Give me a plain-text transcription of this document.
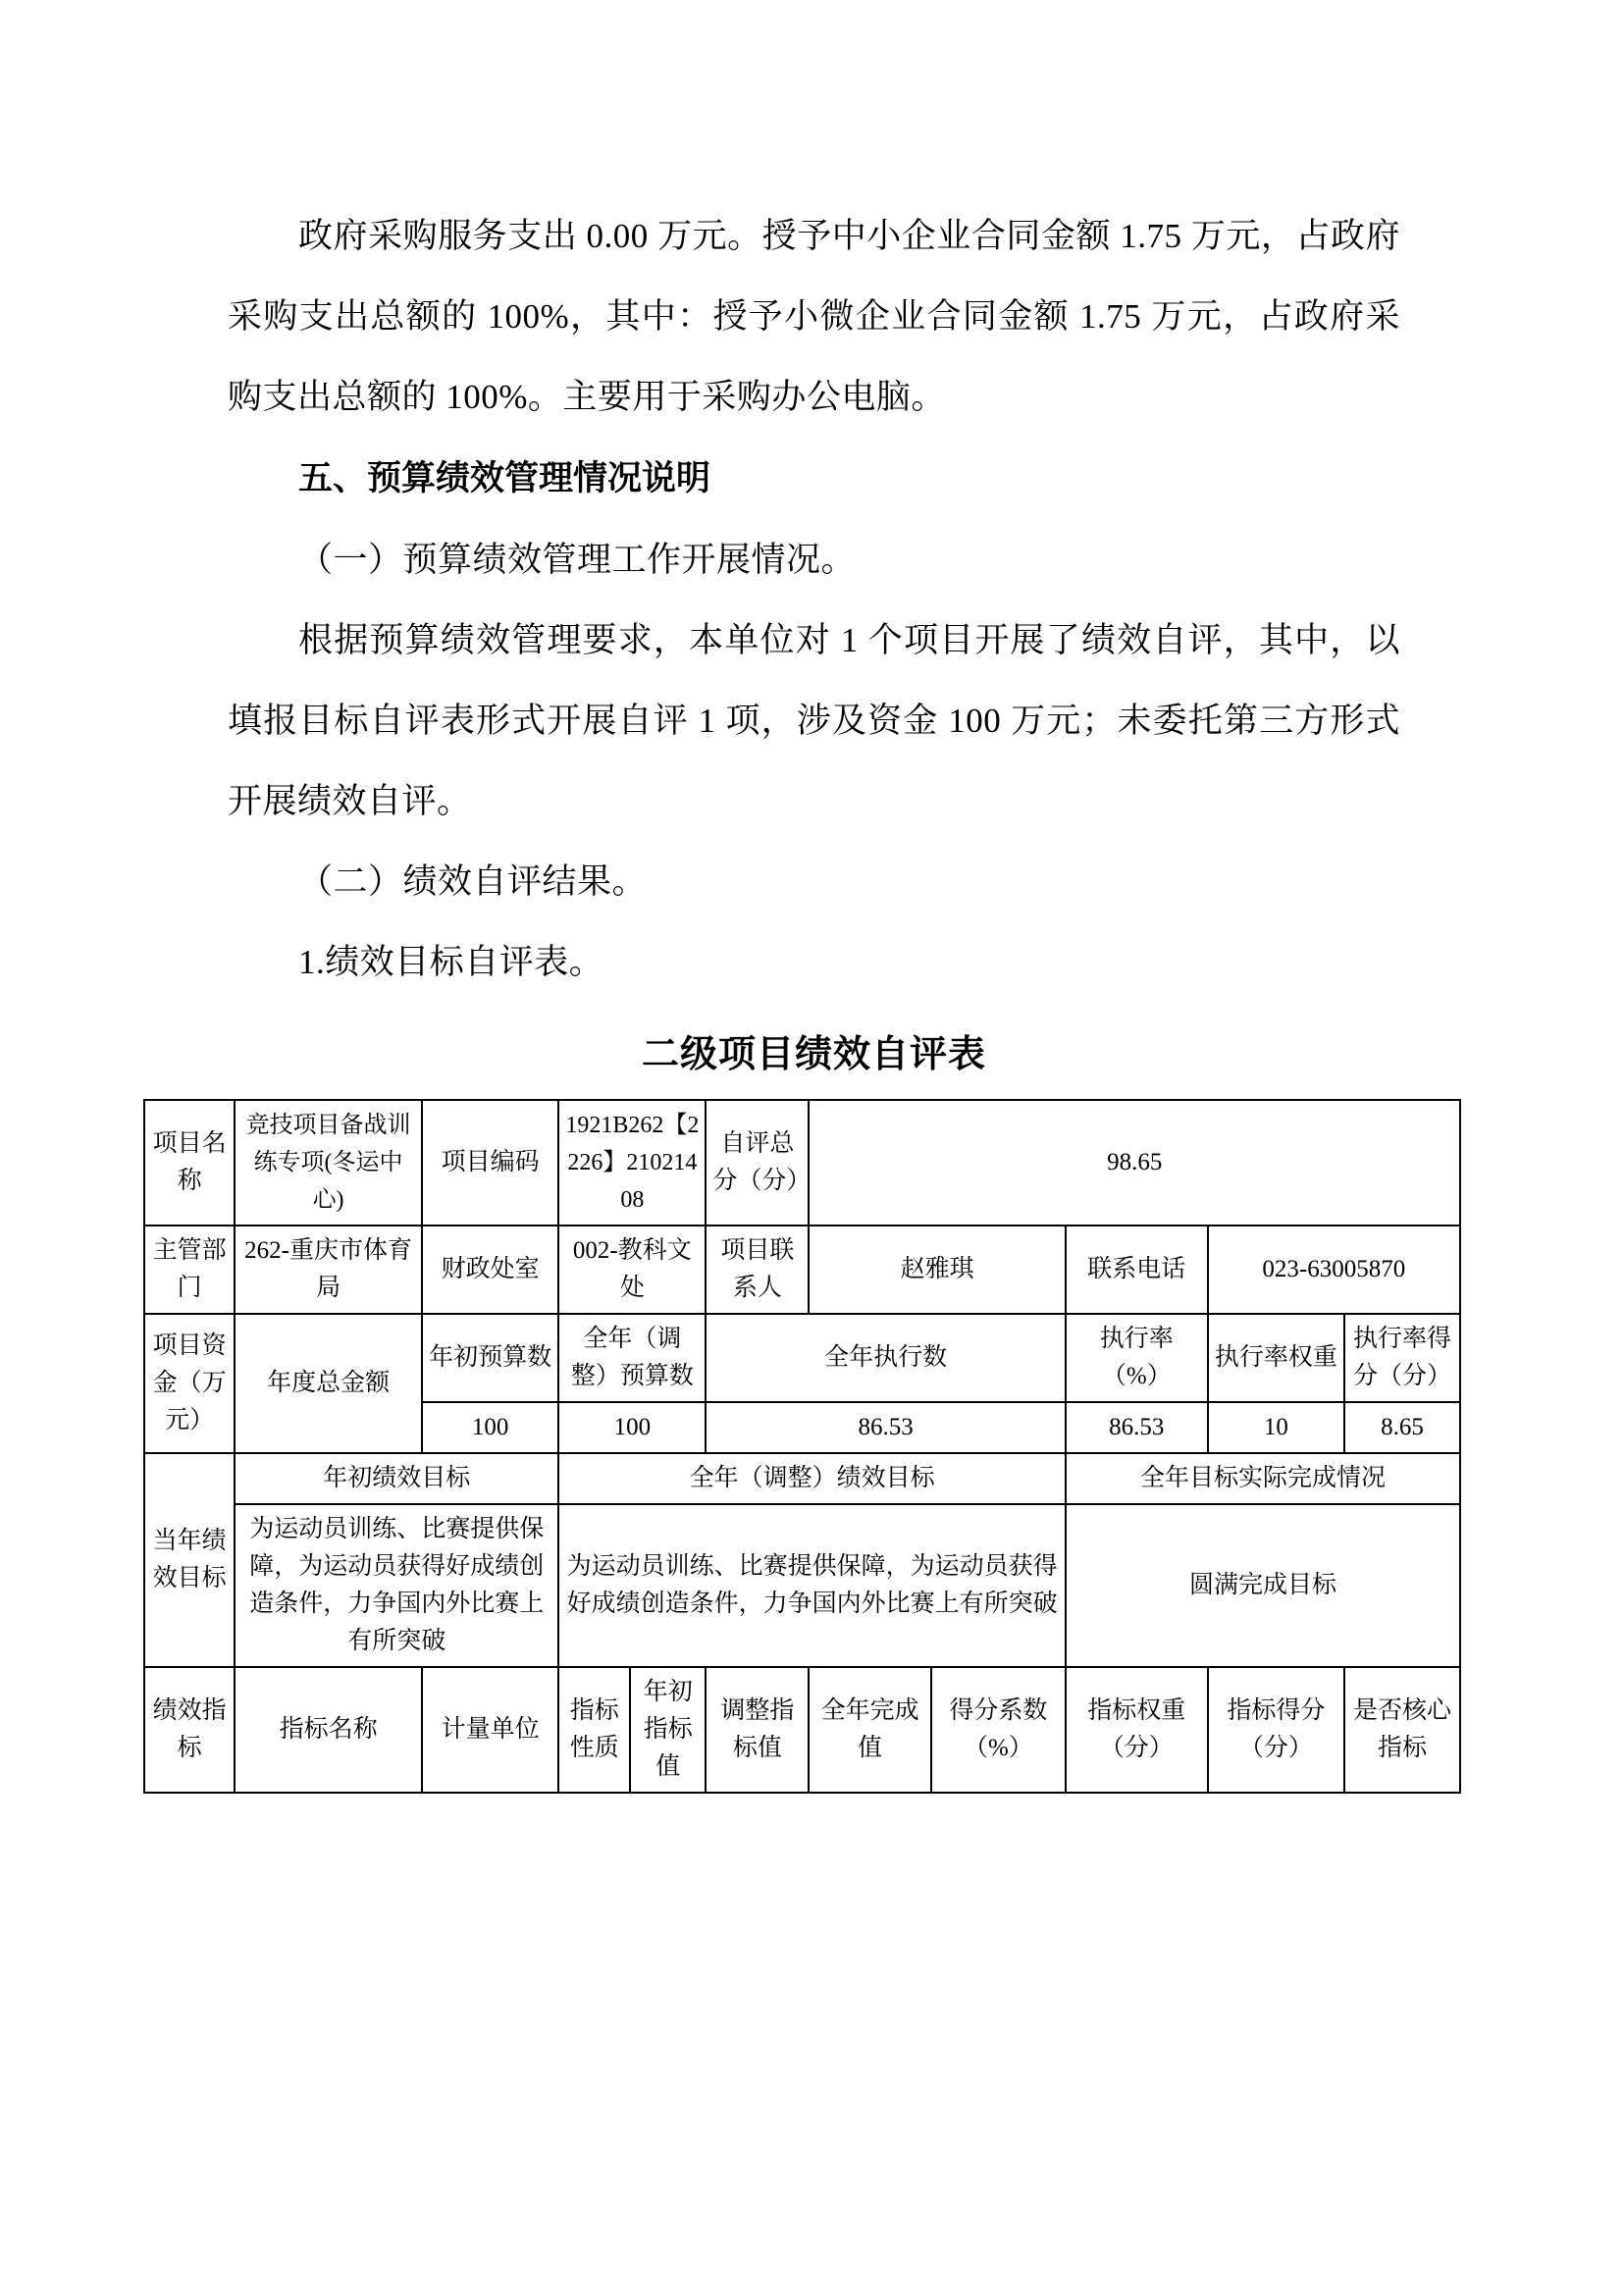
政府采购服务支出 0.00 万元。授予中小企业合同金额 1.75 万元，占政府采购支出总额的 100%，其中：授予小微企业合同金额 1.75 万元，占政府采购支出总额的 100%。主要用于采购办公电脑。

五、预算绩效管理情况说明

（一）预算绩效管理工作开展情况。

根据预算绩效管理要求，本单位对 1 个项目开展了绩效自评，其中，以填报目标自评表形式开展自评 1 项，涉及资金 100 万元；未委托第三方形式开展绩效自评。

（二）绩效自评结果。

1.绩效目标自评表。

二级项目绩效自评表
项目名称	竞技项目备战训练专项(冬运中心)	项目编码	1921B262【2226】21021408		自评总分（分）	98.65				
主管部门	262-重庆市体育局	财政处室	002-教科文处		项目联系人	赵雅琪		联系电话	023-63005870	
项目资金（万元）	年度总金额	年初预算数	全年（调整）预算数		全年执行数			执行率（%）	执行率权重	执行率得分（分）
		100	100		86.53			86.53	10	8.65
当年绩效目标	年初绩效目标		全年（调整）绩效目标					全年目标实际完成情况		
	为运动员训练、比赛提供保障，为运动员获得好成绩创造条件，力争国内外比赛上有所突破		为运动员训练、比赛提供保障，为运动员获得好成绩创造条件，力争国内外比赛上有所突破					圆满完成目标		
绩效指标	指标名称	计量单位	指标性质	年初指标值	调整指标值	全年完成值	得分系数（%）	指标权重（分）	指标得分（分）	是否核心指标
